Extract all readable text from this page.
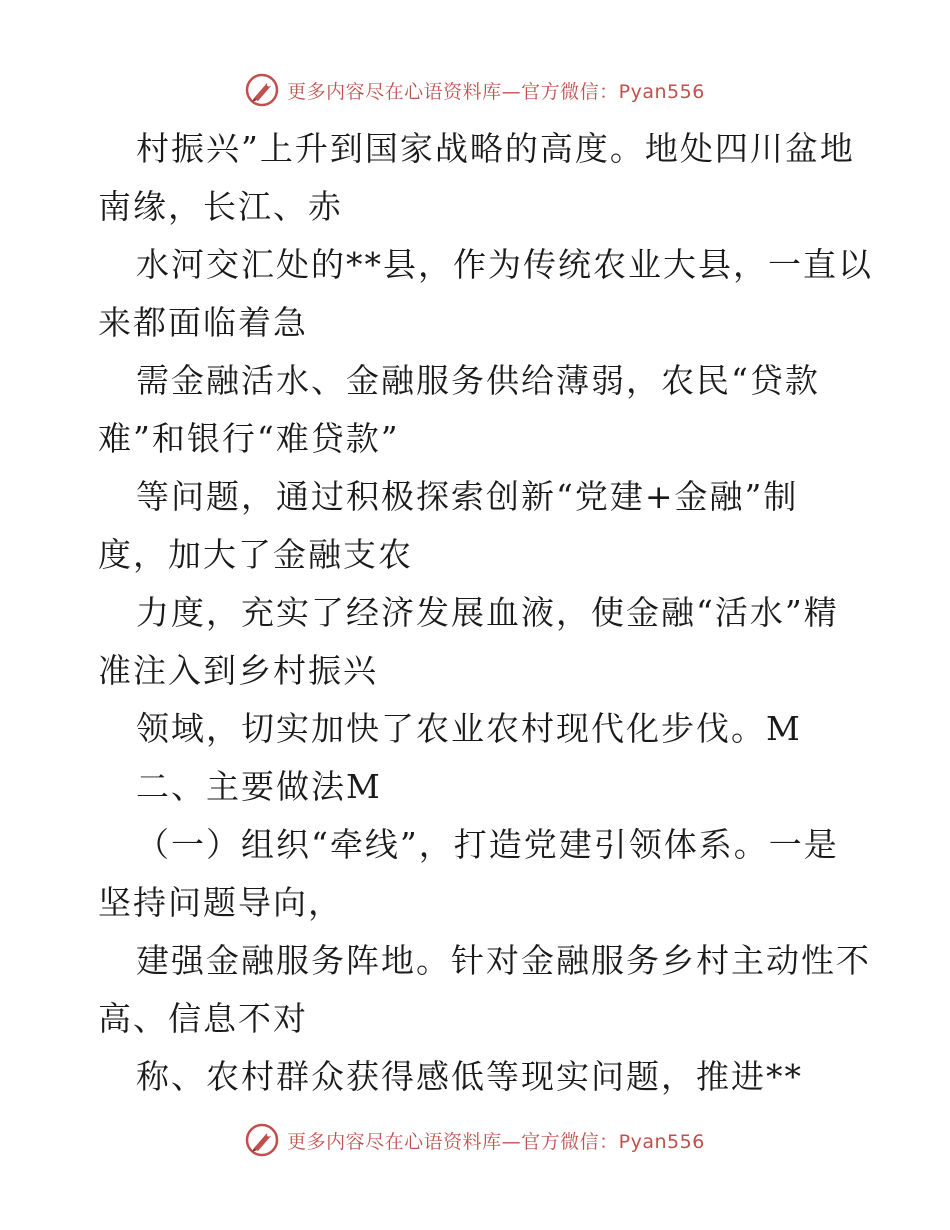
更多内容尽在心语资料库—官方微信：Pyan556
村振兴”上升到国家战略的高度。地处四川盆地
南缘，长江、赤
水河交汇处的**县，作为传统农业大县，一直以
来都面临着急
需金融活水、金融服务供给薄弱，农民“贷款
难”和银行“难贷款”
等问题，通过积极探索创新“党建+金融”制
度，加大了金融支农
力度，充实了经济发展血液，使金融“活水”精
准注入到乡村振兴
领域，切实加快了农业农村现代化步伐。M
二、主要做法M
（一）组织“牵线”，打造党建引领体系。一是
坚持问题导向，
建强金融服务阵地。针对金融服务乡村主动性不
高、信息不对
称、农村群众获得感低等现实问题，推进**
更多内容尽在心语资料库—官方微信：Pyan556
